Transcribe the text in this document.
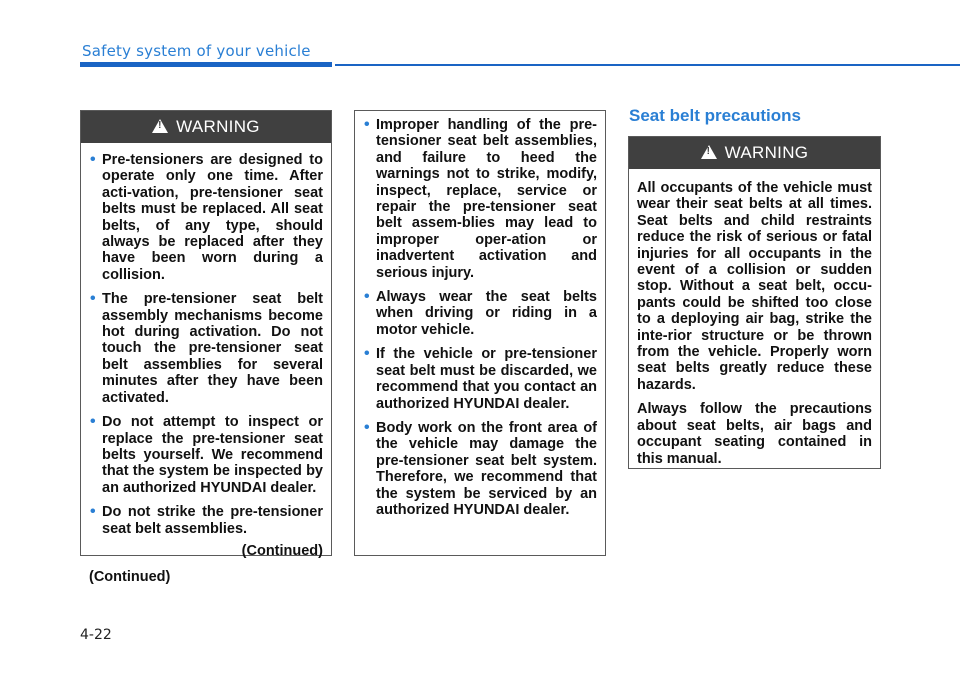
Safety system of your vehicle
!
WARNING
• Pre-tensioners are designed to operate only one time. After acti-vation, pre-tensioner seat belts must be replaced. All seat belts, of any type, should always be replaced after they have been worn during a collision.
• The pre-tensioner seat belt assembly mechanisms become hot during activation. Do not touch the pre-tensioner seat belt assemblies for several minutes after they have been activated.
• Do not attempt to inspect or replace the pre-tensioner seat belts yourself. We recommend that the system be inspected by an authorized HYUNDAI dealer.
• Do not strike the pre-tensioner seat belt assemblies.
(Continued)
(Continued)
• Improper handling of the pre-tensioner seat belt assemblies, and failure to heed the warnings not to strike, modify, inspect, replace, service or repair the pre-tensioner seat belt assem-blies may lead to improper oper-ation or inadvertent activation and serious injury.
• Always wear the seat belts when driving or riding in a motor vehicle.
• If the vehicle or pre-tensioner seat belt must be discarded, we recommend that you contact an authorized HYUNDAI dealer.
• Body work on the front area of the vehicle may damage the pre-tensioner seat belt system. Therefore, we recommend that the system be serviced by an authorized HYUNDAI dealer.
Seat belt precautions
!
WARNING

All occupants of the vehicle must wear their seat belts at all times. Seat belts and child restraints reduce the risk of serious or fatal injuries for all occupants in the event of a collision or sudden stop. Without a seat belt, occu-pants could be shifted too close to a deploying air bag, strike the inte-rior structure or be thrown from the vehicle. Properly worn seat belts greatly reduce these hazards.

Always follow the precautions about seat belts, air bags and occupant seating contained in this manual.

4-22
